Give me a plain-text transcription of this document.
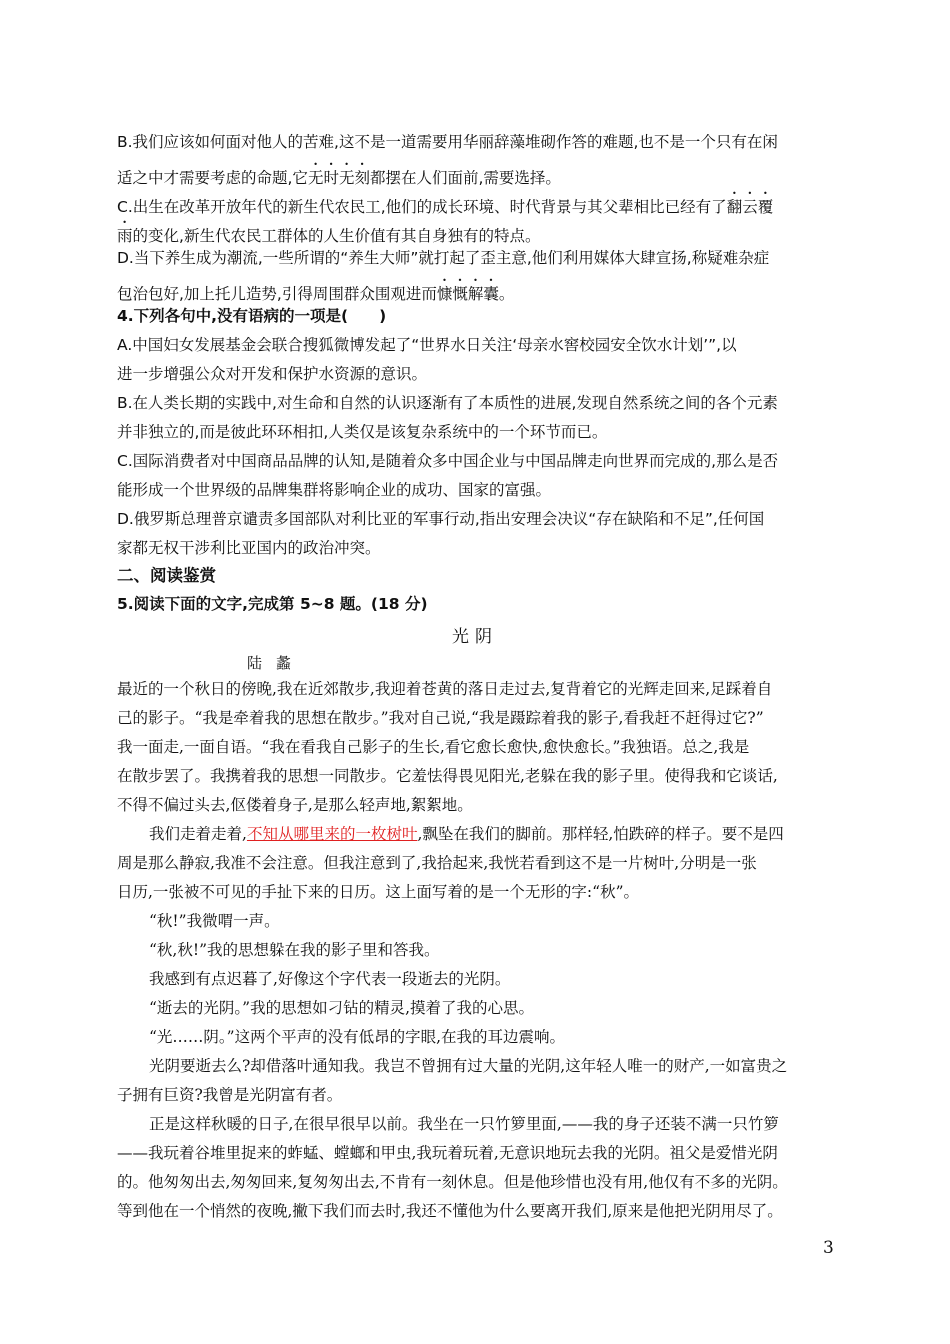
B.我们应该如何面对他人的苦难,这不是一道需要用华丽辞藻堆砌作答的难题,也不是一个只有在闲
适之中才需要考虑的命题,它无时无刻都摆在人们面前,需要选择。
C.出生在改革开放年代的新生代农民工,他们的成长环境、时代背景与其父辈相比已经有了翻云覆
雨的变化,新生代农民工群体的人生价值有其自身独有的特点。
D.当下养生成为潮流,一些所谓的“养生大师”就打起了歪主意,他们利用媒体大肆宣扬,称疑难杂症
包治包好,加上托儿造势,引得周围群众围观进而慷慨解囊。
4.下列各句中,没有语病的一项是(　　)
A.中国妇女发展基金会联合搜狐微博发起了“世界水日关注‘母亲水窖校园安全饮水计划’”,以
进一步增强公众对开发和保护水资源的意识。
B.在人类长期的实践中,对生命和自然的认识逐渐有了本质性的进展,发现自然系统之间的各个元素
并非独立的,而是彼此环环相扣,人类仅是该复杂系统中的一个环节而已。
C.国际消费者对中国商品品牌的认知,是随着众多中国企业与中国品牌走向世界而完成的,那么是否
能形成一个世界级的品牌集群将影响企业的成功、国家的富强。
D.俄罗斯总理普京谴责多国部队对利比亚的军事行动,指出安理会决议“存在缺陷和不足”,任何国
家都无权干涉利比亚国内的政治冲突。
二、阅读鉴赏
5.阅读下面的文字,完成第 5~8 题。(18 分)
光阴
陆蠡
最近的一个秋日的傍晚,我在近郊散步,我迎着苍黄的落日走过去,复背着它的光辉走回来,足踩着自
己的影子。“我是牵着我的思想在散步。”我对自己说,“我是蹑踪着我的影子,看我赶不赶得过它?”
我一面走,一面自语。“我在看我自己影子的生长,看它愈长愈快,愈快愈长。”我独语。总之,我是
在散步罢了。我携着我的思想一同散步。它羞怯得畏见阳光,老躲在我的影子里。使得我和它谈话,
不得不偏过头去,伛偻着身子,是那么轻声地,絮絮地。
我们走着走着,不知从哪里来的一枚树叶,飘坠在我们的脚前。那样轻,怕跌碎的样子。要不是四
周是那么静寂,我准不会注意。但我注意到了,我拾起来,我恍若看到这不是一片树叶,分明是一张
日历,一张被不可见的手扯下来的日历。这上面写着的是一个无形的字:“秋”。
“秋!”我微喟一声。
“秋,秋!”我的思想躲在我的影子里和答我。
我感到有点迟暮了,好像这个字代表一段逝去的光阴。
“逝去的光阴。”我的思想如刁钻的精灵,摸着了我的心思。
“光……阴。”这两个平声的没有低昂的字眼,在我的耳边震响。
光阴要逝去么?却借落叶通知我。我岂不曾拥有过大量的光阴,这年轻人唯一的财产,一如富贵之
子拥有巨资?我曾是光阴富有者。
正是这样秋暖的日子,在很早很早以前。我坐在一只竹箩里面,——我的身子还装不满一只竹箩
——我玩着谷堆里捉来的蚱蜢、螳螂和甲虫,我玩着玩着,无意识地玩去我的光阴。祖父是爱惜光阴
的。他匆匆出去,匆匆回来,复匆匆出去,不肯有一刻休息。但是他珍惜也没有用,他仅有不多的光阴。
等到他在一个悄然的夜晚,撇下我们而去时,我还不懂他为什么要离开我们,原来是他把光阴用尽了。
3
